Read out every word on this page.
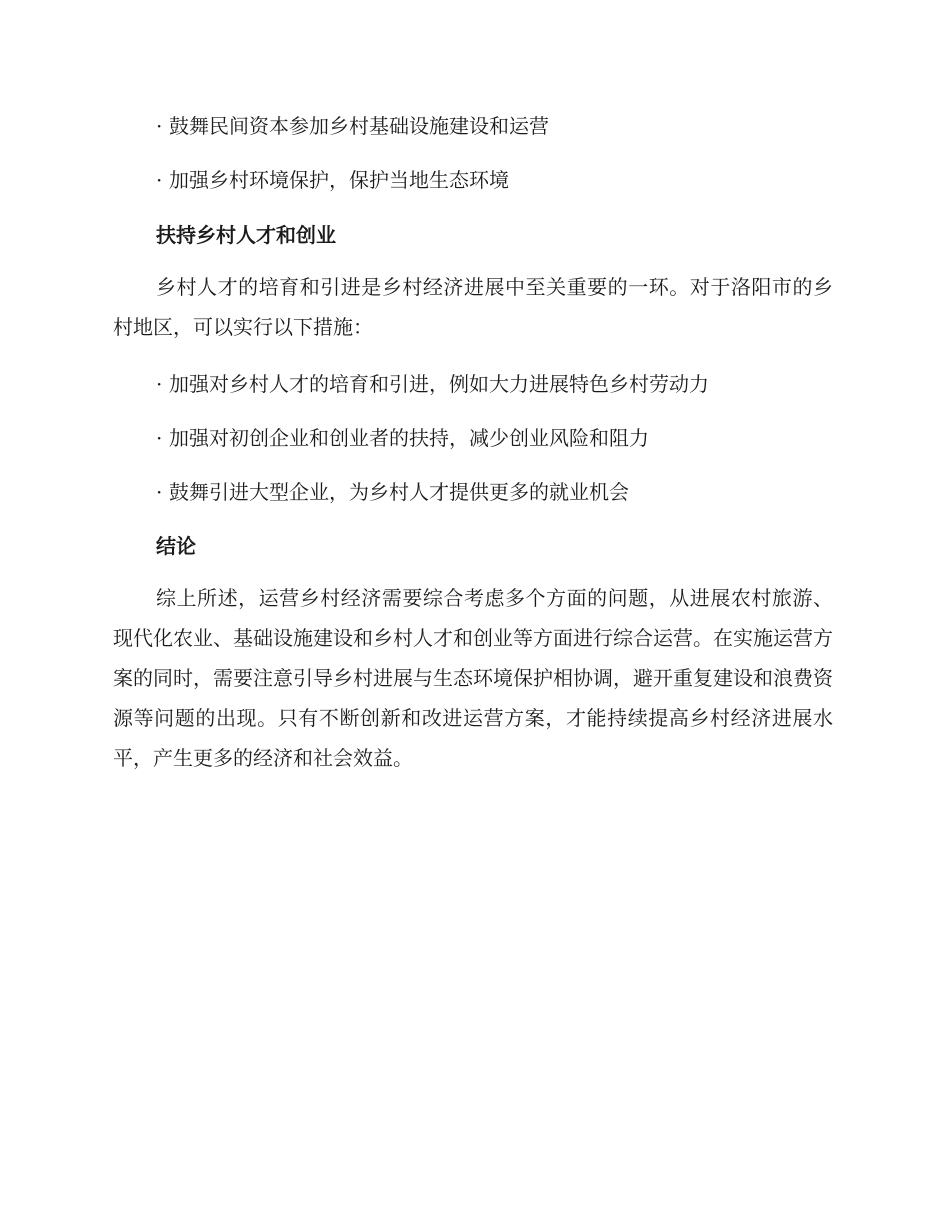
· 鼓舞民间资本参加乡村基础设施建设和运营

· 加强乡村环境保护，保护当地生态环境

扶持乡村人才和创业

乡村人才的培育和引进是乡村经济进展中至关重要的一环。对于洛阳市的乡村地区，可以实行以下措施：

· 加强对乡村人才的培育和引进，例如大力进展特色乡村劳动力

· 加强对初创企业和创业者的扶持，减少创业风险和阻力

· 鼓舞引进大型企业，为乡村人才提供更多的就业机会

结论

综上所述，运营乡村经济需要综合考虑多个方面的问题，从进展农村旅游、现代化农业、基础设施建设和乡村人才和创业等方面进行综合运营。在实施运营方案的同时，需要注意引导乡村进展与生态环境保护相协调，避开重复建设和浪费资源等问题的出现。只有不断创新和改进运营方案，才能持续提高乡村经济进展水平，产生更多的经济和社会效益。
